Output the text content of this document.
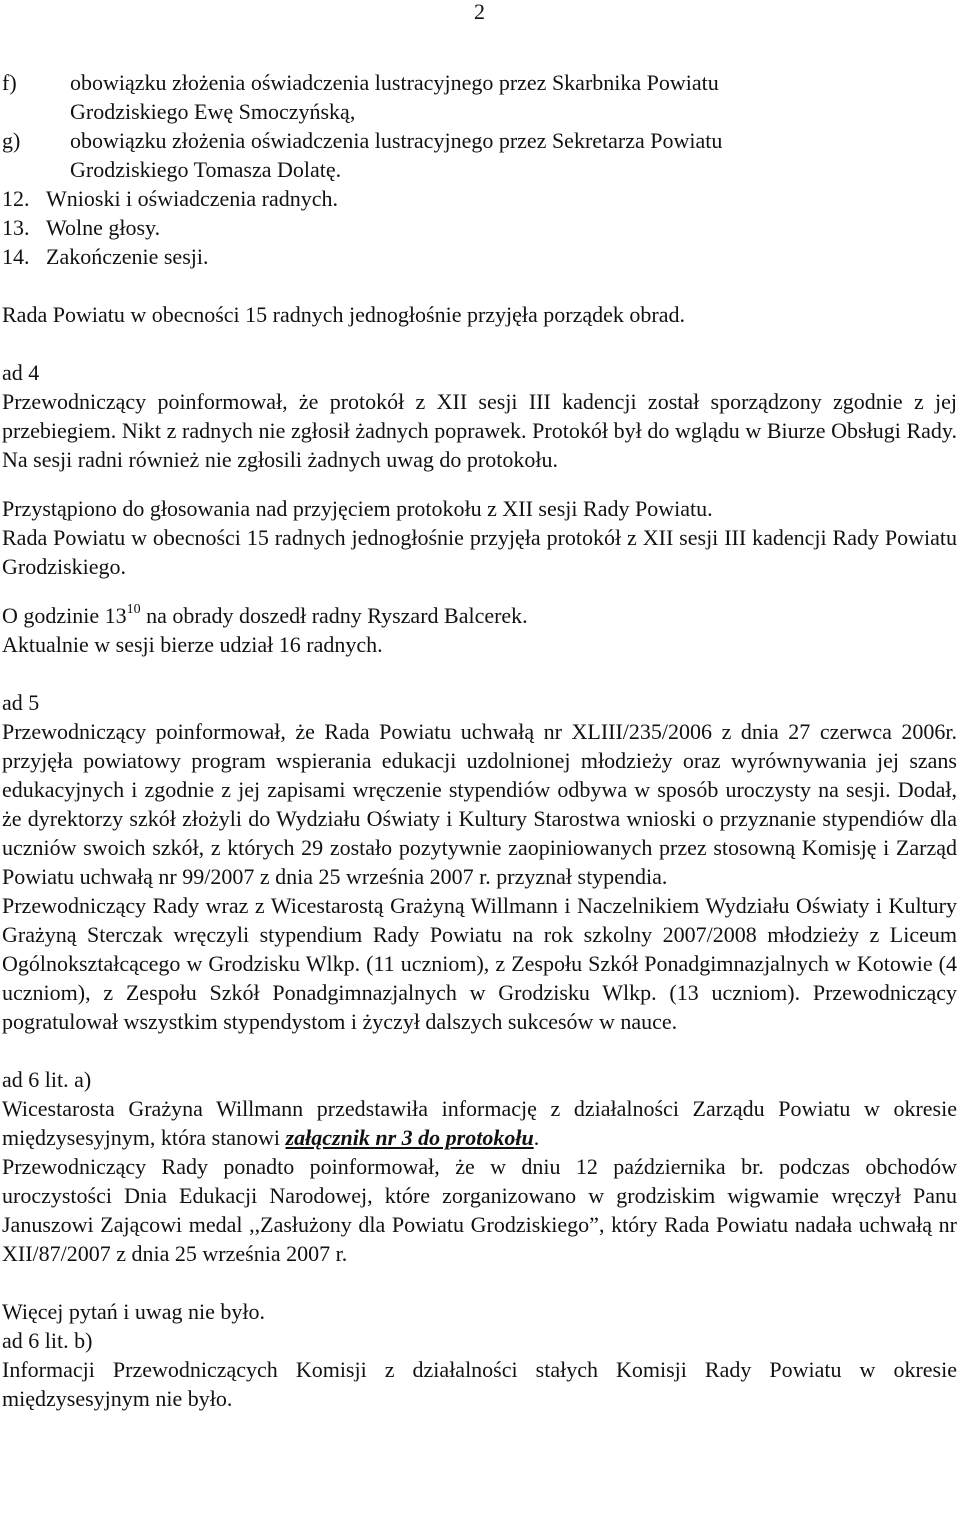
2
f)	obowiązku złożenia oświadczenia lustracyjnego przez Skarbnika Powiatu

Grodziskiego Ewę Smoczyńską,

g)	obowiązku złożenia oświadczenia lustracyjnego przez Sekretarza Powiatu

Grodziskiego Tomasza Dolatę.

12. Wnioski i oświadczenia radnych.
13. Wolne głosy.
14. Zakończenie sesji.

Rada Powiatu w obecności 15 radnych jednogłośnie przyjęła porządek obrad.

ad 4

Przewodniczący poinformował, że protokół z XII sesji III kadencji został sporządzony zgodnie z jej przebiegiem. Nikt z radnych nie zgłosił żadnych poprawek. Protokół był do wglądu w Biurze Obsługi Rady. Na sesji radni również nie zgłosili żadnych uwag do protokołu.

Przystąpiono do głosowania nad przyjęciem protokołu z XII sesji Rady Powiatu.

Rada Powiatu w obecności 15 radnych jednogłośnie przyjęła protokół z XII sesji III kadencji Rady Powiatu Grodziskiego.

O godzinie $13^{10}$ na obrady doszedł radny Ryszard Balcerek.

Aktualnie w sesji bierze udział 16 radnych.

ad 5

Przewodniczący poinformował, że Rada Powiatu uchwałą nr XLIII/235/2006 z dnia 27 czerwca 2006r. przyjęła powiatowy program wspierania edukacji uzdolnionej młodzieży oraz wyrównywania jej szans edukacyjnych i zgodnie z jej zapisami wręczenie stypendiów odbywa w sposób uroczysty na sesji. Dodał, że dyrektorzy szkół złożyli do Wydziału Oświaty i Kultury Starostwa wnioski o przyznanie stypendiów dla uczniów swoich szkół, z których 29 zostało pozytywnie zaopiniowanych przez stosowną Komisję i Zarząd Powiatu uchwałą nr 99/2007 z dnia 25 września 2007 r. przyznał stypendia.

Przewodniczący Rady wraz z Wicestarostą Grażyną Willmann i Naczelnikiem Wydziału Oświaty i Kultury Grażyną Sterczak wręczyli stypendium Rady Powiatu na rok szkolny 2007/2008 młodzieży z Liceum Ogólnokształcącego w Grodzisku Wlkp. (11 uczniom), z Zespołu Szkół Ponadgimnazjalnych w Kotowie (4 uczniom), z Zespołu Szkół Ponadgimnazjalnych w Grodzisku Wlkp. (13 uczniom). Przewodniczący pogratulował wszystkim stypendystom i życzył dalszych sukcesów w nauce.

ad 6 lit. a)

Wicestarosta Grażyna Willmann przedstawiła informację z działalności Zarządu Powiatu w okresie międzysesyjnym, która stanowi załącznik nr 3 do protokołu.

Przewodniczący Rady ponadto poinformował, że w dniu 12 października br. podczas obchodów uroczystości Dnia Edukacji Narodowej, które zorganizowano w grodziskim wigwamie wręczył Panu Januszowi Zającowi medal ,,Zasłużony dla Powiatu Grodziskiego”, który Rada Powiatu nadała uchwałą nr XII/87/2007 z dnia 25 września 2007 r.

Więcej pytań i uwag nie było.

ad 6 lit. b)

Informacji Przewodniczących Komisji z działalności stałych Komisji Rady Powiatu w okresie międzysesyjnym nie było.
